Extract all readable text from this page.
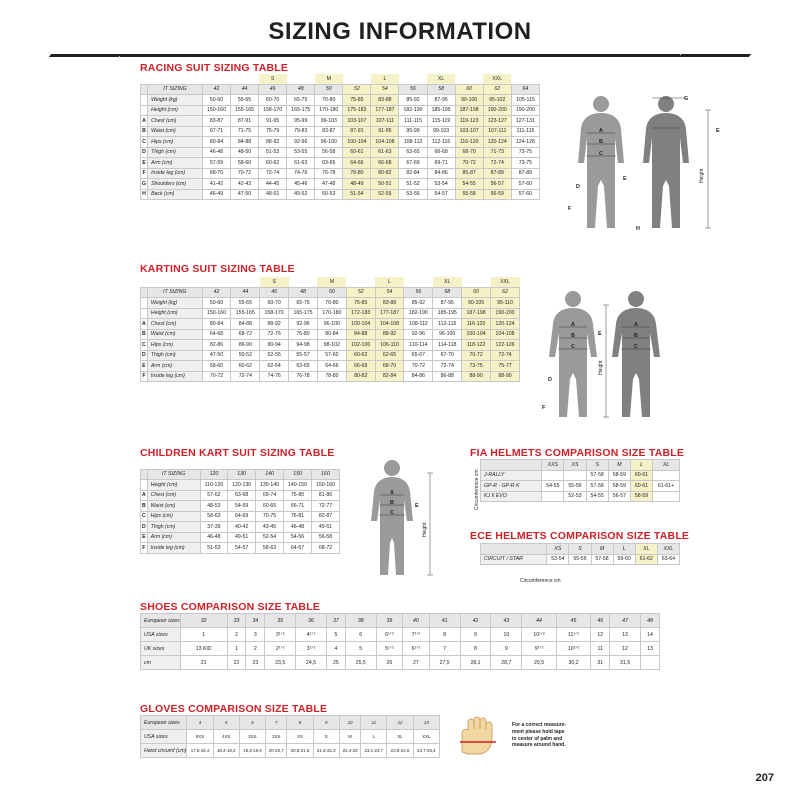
SIZING INFORMATION
RACING SUIT SIZING TABLE
				S		M		L		XL		XXL	
	IT SIZING	42	44	46	48	50	52	54	56	58	60	62	64
	Weight (kg)	50-60	55-65	60-70	65-75	70-80	75-85	83-88	85-92	87-95	90-100	95-102	105-115
	Height (cm)	150-160	155-165	158-170	165-175	170-180	175-183	177-187	182-190	185-195	187-198	190-200	190-200
A	Chest (cm)	83-87	87-91	91-95	95-99	99-103	103-107	107-111	111-115	115-119	119-123	123-127	127-131
B	Waist (cm)	67-71	71-75	75-79	79-83	83-87	87-91	91-95	95-99	99-103	103-107	107-111	111-115
C	Hips (cm)	80-84	84-88	88-92	92-96	96-100	100-104	104-108	108-112	112-116	116-120	120-124	124-128
D	Thigh (cm)	46-48	48-50	51-53	53-55	56-58	60-61	61-63	63-65	66-68	68-70	71-73	73-75
E	Arm (cm)	57-59	58-60	60-62	61-63	63-65	64-66	66-68	67-69	69-71	70-72	72-74	73-75
F	Inside leg (cm)	68-70	70-72	72-74	74-76	76-78	78-80	80-82	82-84	84-86	85-87	87-89	87-89
G	Shoulders (cm)	41-42	42-43	44-45	45-46	47-48	48-49	50-51	51-52	53-54	54-55	56-57	57-60
H	Back (cm)	46-49	47-50	48-51	49-52	50-53	51-54	52-55	53-56	54-57	55-58	56-59	57-60
A
B
C
D
F
E
G
E
H
Height
KARTING SUIT SIZING TABLE
				S		M		L		XL		XXL
	IT SIZING	42	44	46	48	50	52	54	56	58	60	62
	Weight (kg)	50-60	55-65	60-70	65-75	70-80	75-85	83-88	85-92	87-95	90-105	95-110
	Height (cm)	150-160	155-165	158-170	165-175	170-180	172-183	177-187	182-190	185-195	187-198	190-200
A	Chest (cm)	80-84	84-88	88-92	92-96	96-100	100-104	104-108	108-112	112-116	116-120	120-124
B	Waist (cm)	64-68	68-72	72-76	76-80	80-84	84-88	88-92	92-96	96-100	100-104	104-108
C	Hips (cm)	82-86	86-90	90-94	94-98	98-102	102-106	106-110	110-114	114-118	118-122	122-126
D	Thigh (cm)	47-50	50-52	52-55	55-57	57-60	60-62	62-65	65-67	67-70	70-72	72-74
E	Arm (cm)	58-60	60-62	62-64	63-65	64-66	66-68	68-70	70-72	72-74	73-75	75-77
F	Inside leg (cm)	70-72	72-74	74-76	76-78	78-80	80-82	82-84	84-86	86-88	88-90	88-90
A
B
C
D
F
E
A
B
C
Height
CHILDREN KART SUIT SIZING TABLE

	IT SIZING	120	130	140	150	160
	Height (cm)	110-120	120-130	130-140	140-150	150-160
A	Chest (cm)	57-62	63-68	69-74	75-80	81-86
B	Waist (cm)	48-53	54-59	60-65	66-71	72-77
C	Hips (cm)	58-63	64-69	70-75	76-81	82-87
D	Thigh (cm)	37-39	40-42	43-45	46-48	49-51
E	Arm (cm)	46-48	49-51	52-54	54-56	56-58
F	Inside leg (cm)	51-53	54-57	58-63	64-67	68-72
A
B
C
E
Height
FIA HELMETS COMPARISON SIZE TABLE
	XXS	XS	S	M	L	XL
J-RALLY			57-58	58-59	60-61	
GP-R · GP-R K	54-55	55-56	57-58	58-59	60-61	61-61+
KJ II EVO		52-53	54-55	56-57	58-59	
Circumference cm
ECE HELMETS COMPARISON SIZE TABLE
	XS	S	M	L	XL	XXL
CIRCUIT / STAR	53-54	55-56	57-58	59-60	61-62	63-64
Circumference cm
SHOES COMPARISON SIZE TABLE
European sizes	32	33	34	35	36	37	38	39	40	41	42	43	44	45	46	47	48
USA sizes	1	2	3	3¹ᐟ²	4¹ᐟ²	5	6	6¹ᐟ²	7¹ᐟ²	8	9	10	10¹ᐟ²	11¹ᐟ²	12	13	14
UK sizes	13 KID	1	2	2¹ᐟ²	3¹ᐟ²	4	5	5¹ᐟ²	6¹ᐟ²	7	8	9	9¹ᐟ²	10¹ᐟ²	11	12	13
cm	21	22	23	23,5	24,5	25	25,5	26	27	27,5	28,1	28,7	29,5	30,2	31	31,5	
GLOVES COMPARISON SIZE TABLE
European sizes	4	5	6	7	8	9	10	11	12	13
USA sizes	5XS	4XS	3XS	2XS	XS	S	M	L	XL	XXL
Hand circumf (cm)	17,5-18,4	18,4-19,2	19,3-19,9	20-20,7	20,8-21,5	21,6-22,3	22,4-23	23,1-23,7	23,8-24,6	24,7-25,4
For a correct measure-
ment please hold tape
in center of palm and
measure around hand.
207
